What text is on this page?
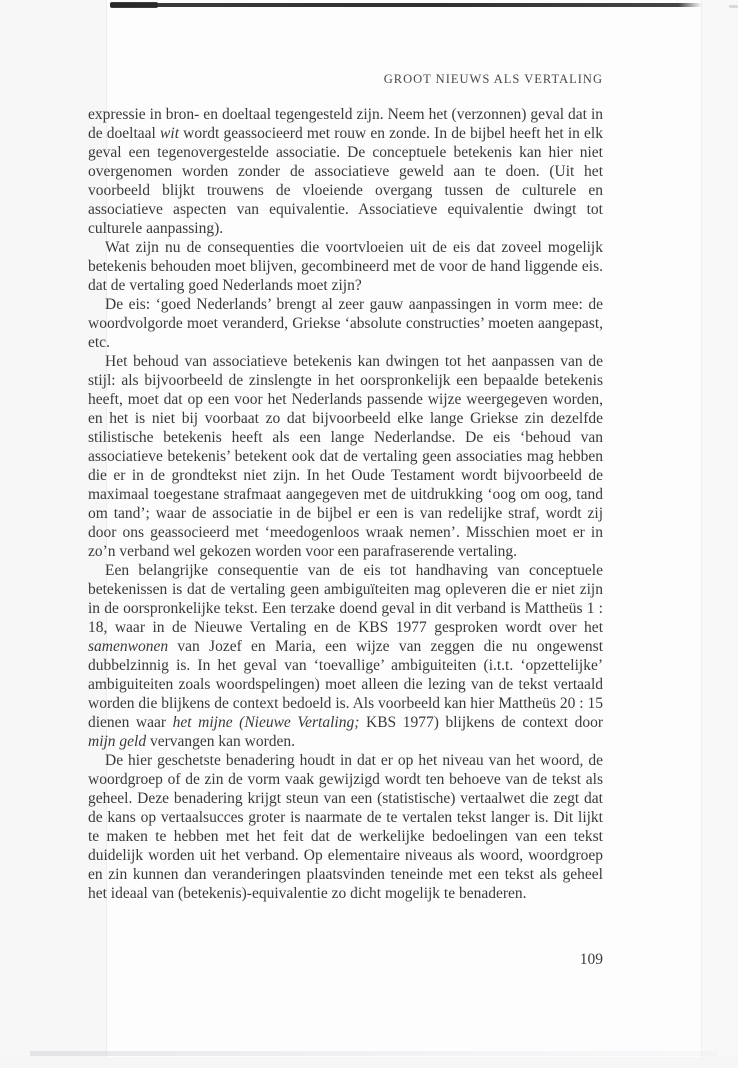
GROOT NIEUWS ALS VERTALING

expressie in bron- en doeltaal tegengesteld zijn. Neem het (verzonnen) geval dat in de doeltaal wit wordt geassocieerd met rouw en zonde. In de bijbel heeft het in elk geval een tegenovergestelde associatie. De conceptuele betekenis kan hier niet overgenomen worden zonder de associatieve geweld aan te doen. (Uit het voorbeeld blijkt trouwens de vloeiende overgang tussen de culturele en associatieve aspecten van equivalentie. Associatieve equivalentie dwingt tot culturele aanpassing).

Wat zijn nu de consequenties die voortvloeien uit de eis dat zoveel mogelijk betekenis behouden moet blijven, gecombineerd met de voor de hand liggende eis. dat de vertaling goed Nederlands moet zijn?

De eis: ‘goed Nederlands’ brengt al zeer gauw aanpassingen in vorm mee: de woordvolgorde moet veranderd, Griekse ‘absolute constructies’ moeten aangepast, etc.

Het behoud van associatieve betekenis kan dwingen tot het aanpassen van de stijl: als bijvoorbeeld de zinslengte in het oorspronkelijk een bepaalde betekenis heeft, moet dat op een voor het Nederlands passende wijze weergegeven worden, en het is niet bij voorbaat zo dat bijvoorbeeld elke lange Griekse zin dezelfde stilistische betekenis heeft als een lange Nederlandse. De eis ‘behoud van associatieve betekenis’ betekent ook dat de vertaling geen associaties mag hebben die er in de grondtekst niet zijn. In het Oude Testament wordt bijvoorbeeld de maximaal toegestane strafmaat aangegeven met de uitdrukking ‘oog om oog, tand om tand’; waar de associatie in de bijbel er een is van redelijke straf, wordt zij door ons geassocieerd met ‘meedogenloos wraak nemen’. Misschien moet er in zo’n verband wel gekozen worden voor een parafraserende vertaling.

Een belangrijke consequentie van de eis tot handhaving van conceptuele betekenissen is dat de vertaling geen ambiguïteiten mag opleveren die er niet zijn in de oorspronkelijke tekst. Een terzake doend geval in dit verband is Mattheüs 1 : 18, waar in de Nieuwe Vertaling en de KBS 1977 gesproken wordt over het samenwonen van Jozef en Maria, een wijze van zeggen die nu ongewenst dubbelzinnig is. In het geval van ‘toevallige’ ambiguiteiten (i.t.t. ‘opzettelijke’ ambiguiteiten zoals woordspelingen) moet alleen die lezing van de tekst vertaald worden die blijkens de context bedoeld is. Als voorbeeld kan hier Mattheüs 20 : 15 dienen waar het mijne (Nieuwe Vertaling; KBS 1977) blijkens de context door mijn geld vervangen kan worden.

De hier geschetste benadering houdt in dat er op het niveau van het woord, de woordgroep of de zin de vorm vaak gewijzigd wordt ten behoeve van de tekst als geheel. Deze benadering krijgt steun van een (statistische) vertaalwet die zegt dat de kans op vertaalsucces groter is naarmate de te vertalen tekst langer is. Dit lijkt te maken te hebben met het feit dat de werkelijke bedoelingen van een tekst duidelijk worden uit het verband. Op elementaire niveaus als woord, woordgroep en zin kunnen dan veranderingen plaatsvinden teneinde met een tekst als geheel het ideaal van (betekenis)-equivalentie zo dicht mogelijk te benaderen.

109
